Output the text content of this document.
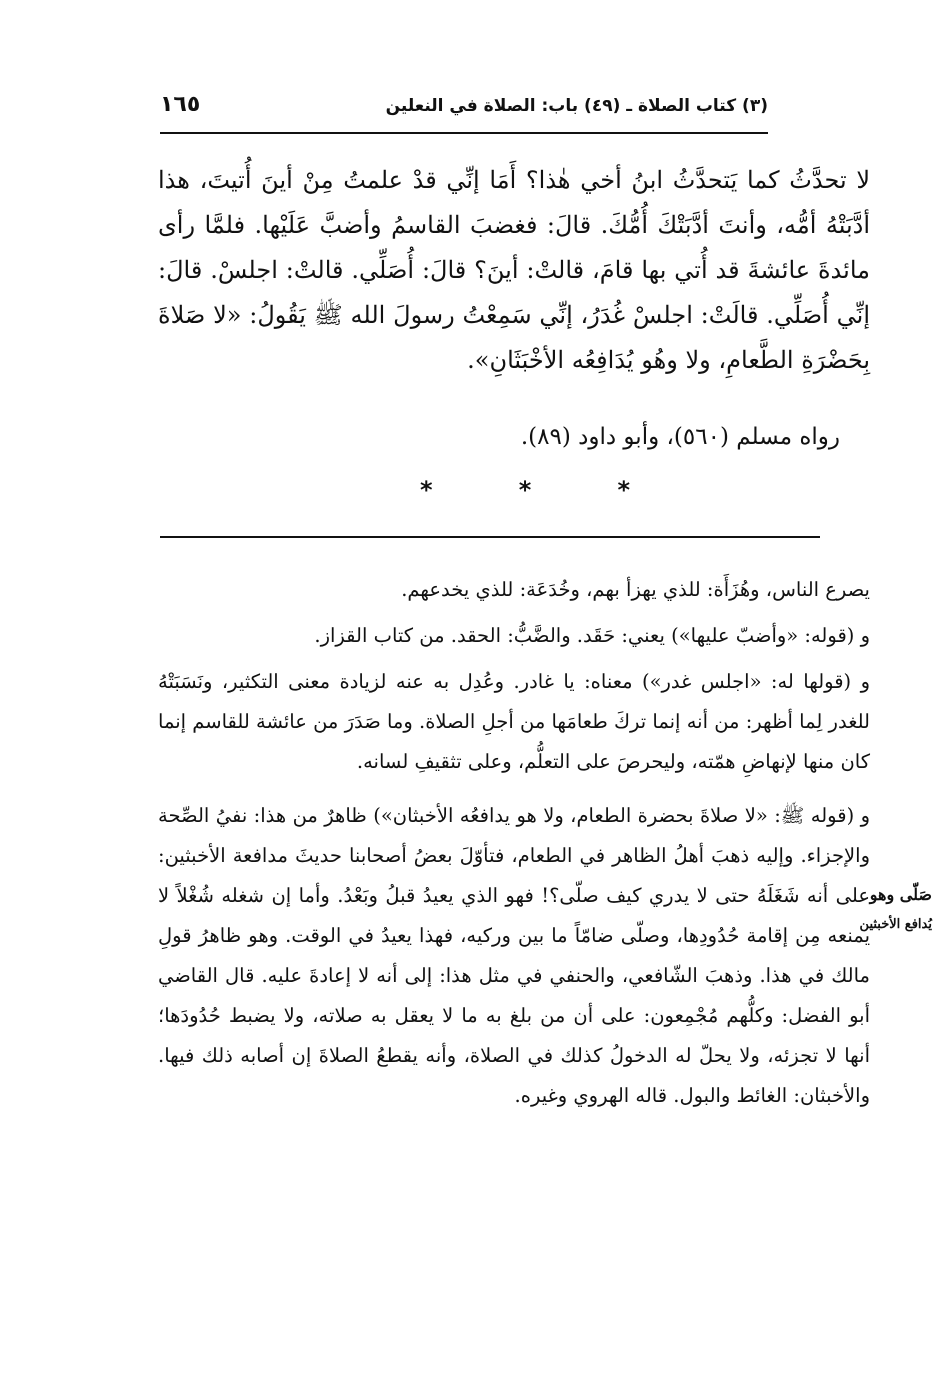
(٣) كتاب الصلاة ـ (٤٩) باب: الصلاة في النعلين
١٦٥

لا تحدَّثُ كما يَتحدَّثُ ابنُ أخي هٰذا؟ أَمَا إنِّي قدْ علمتُ مِنْ أينَ أُتيتَ، هذا أدَّبَتْهُ أمُّه، وأنتَ أدَّبَتْكَ أُمُّكَ. قالَ: فغضبَ القاسمُ وأضبَّ عَلَيْها. فلمَّا رأى مائدةَ عائشةَ قد أُتي بها قامَ، قالتْ: أينَ؟ قالَ: أُصَلِّي. قالتْ: اجلسْ. قالَ: إنِّي أُصَلِّي. قالَتْ: اجلسْ غُدَرُ، إنِّي سَمِعْتُ رسولَ الله ﷺ يَقُولُ: «لا صَلاةَ بِحَضْرَةِ الطَّعامِ، ولا وهُو يُدَافِعُه الأخْبَثَانِ».

رواه مسلم (٥٦٠)، وأبو داود (٨٩).
*	*	*

يصرع الناس، وهُزَأَة: للذي يهزأ بهم، وخُدَعَة: للذي يخدعهم.

و (قوله: «وأضبّ عليها») يعني: حَقَد. والضَّبُّ: الحقد. من كتاب القزاز.

و (قولها له: «اجلس غدر») معناه: يا غادر. وعُدِل به عنه لزيادة معنى التكثير، ونَسَبَتْهُ للغدر لِما أظهر: من أنه إنما تركَ طعامَها من أجلِ الصلاة. وما صَدَرَ من عائشة للقاسم إنما كان منها لإنهاضِ همّته، وليحرصَ على التعلُّم، وعلى تثقيفِ لسانه.

و (قوله ﷺ: «لا صلاةَ بحضرة الطعام، ولا هو يدافعُه الأخبثان») ظاهرٌ من هذا: نفيُ الصِّحة والإجزاء. وإليه ذهبَ أهلُ الظاهر في الطعام، فتأوّلَ بعضُ أصحابنا حديثَ مدافعة الأخبثين: على أنه شَغَلَهُ حتى لا يدري كيف صلّى؟! فهو الذي يعيدُ قبلُ وبَعْدُ. وأما إن شغله شُغْلاً لا يمنعه مِن إقامة حُدُودِها، وصلّى ضامّاً ما بين وركيه، فهذا يعيدُ في الوقت. وهو ظاهرُ قولِ مالك في هذا. وذهبَ الشّافعي، والحنفي في مثل هذا: إلى أنه لا إعادةَ عليه. قال القاضي أبو الفضل: وكلُّهم مُجْمِعون: على أن من بلغ به ما لا يعقل به صلاته، ولا يضبط حُدُودَها؛ أنها لا تجزئه، ولا يحلّ له الدخولُ كذلك في الصلاة، وأنه يقطعُ الصلاةَ إن أصابه ذلك فيها. والأخبثان: الغائط والبول. قاله الهروي وغيره.

صَلّى وهو
يُدافع الأخبثين
